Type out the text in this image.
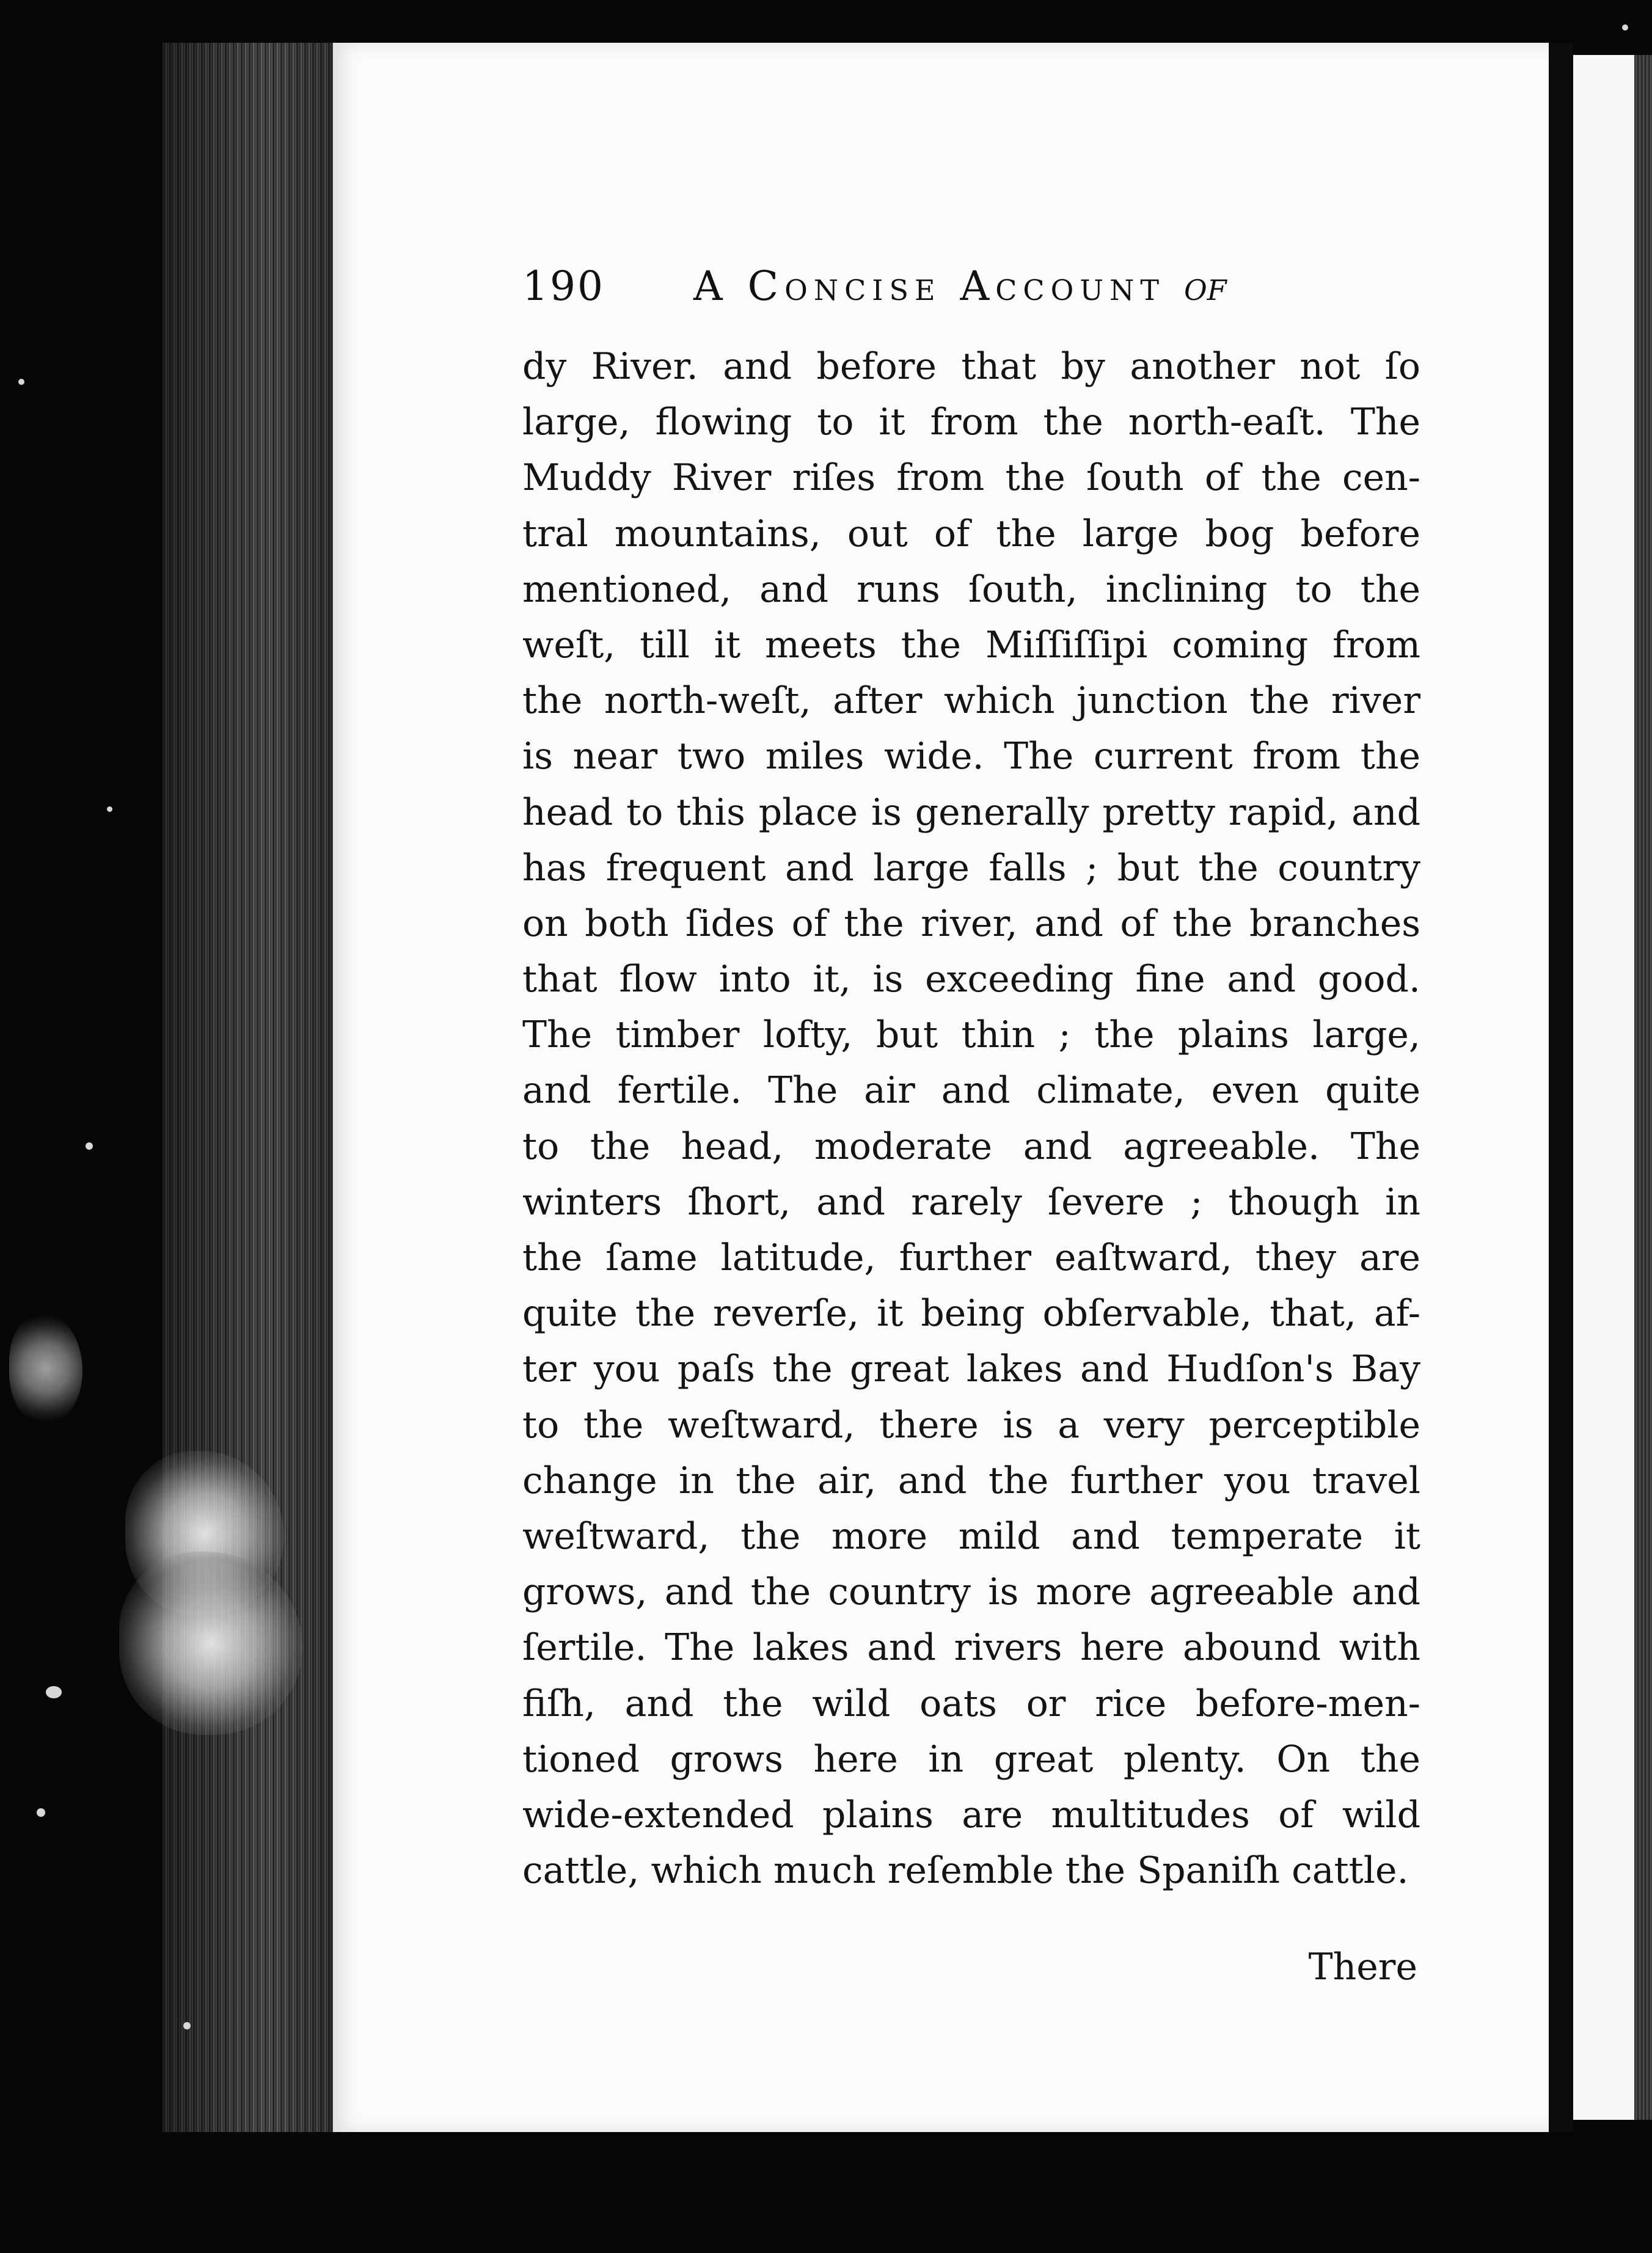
190 A Concise Account of
dy River. and before that by another not ſo
large, flowing to it from the north-eaſt. The
Muddy River riſes from the ſouth of the cen-
tral mountains, out of the large bog before
mentioned, and runs ſouth, inclining to the
weſt, till it meets the Miſſiſſipi coming from
the north-weſt, after which junction the river
is near two miles wide. The current from the
head to this place is generally pretty rapid, and
has frequent and large falls ; but the country
on both ſides of the river, and of the branches
that flow into it, is exceeding fine and good.
The timber lofty, but thin ; the plains large,
and fertile. The air and climate, even quite
to the head, moderate and agreeable. The
winters ſhort, and rarely ſevere ; though in
the ſame latitude, further eaſtward, they are
quite the reverſe, it being obſervable, that, af-
ter you paſs the great lakes and Hudſon's Bay
to the weſtward, there is a very perceptible
change in the air, and the further you travel
weſtward, the more mild and temperate it
grows, and the country is more agreeable and
ſertile. The lakes and rivers here abound with
fiſh, and the wild oats or rice before-men-
tioned grows here in great plenty. On the
wide-extended plains are multitudes of wild
cattle, which much reſemble the Spaniſh cattle.
There
